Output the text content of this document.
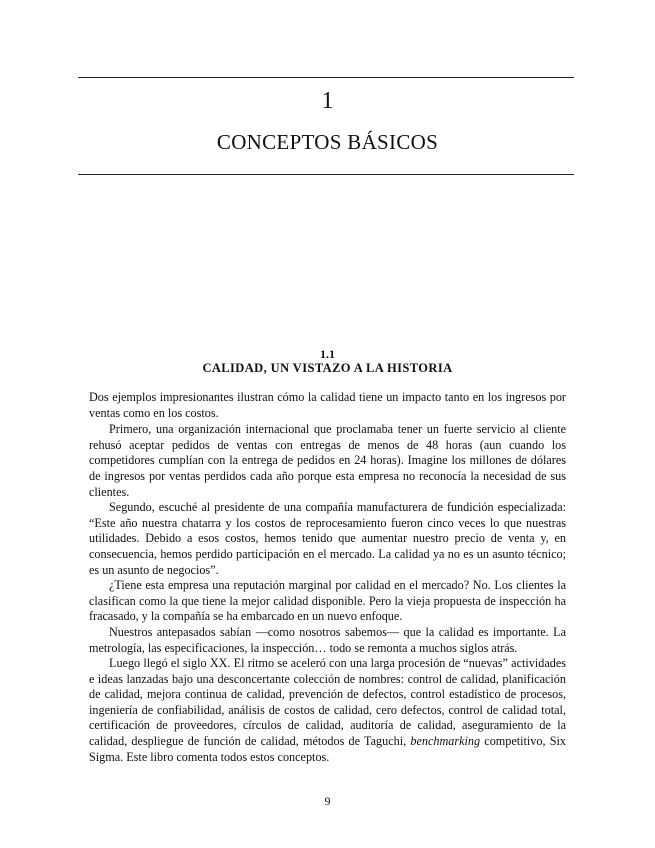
1
CONCEPTOS BÁSICOS
1.1
CALIDAD, UN VISTAZO A LA HISTORIA

Dos ejemplos impresionantes ilustran cómo la calidad tiene un impacto tanto en los ingresos por ventas como en los costos.

Primero, una organización internacional que proclamaba tener un fuerte servicio al cliente rehusó aceptar pedidos de ventas con entregas de menos de 48 horas (aun cuando los competidores cumplían con la entrega de pedidos en 24 horas). Imagine los millones de dólares de ingresos por ventas perdidos cada año porque esta empresa no reconocía la necesidad de sus clientes.

Segundo, escuché al presidente de una compañía manufacturera de fundición especializada: “Este año nuestra chatarra y los costos de reprocesamiento fueron cinco veces lo que nuestras utilidades. Debido a esos costos, hemos tenido que aumentar nuestro precio de venta y, en consecuencia, hemos perdido participación en el mercado. La calidad ya no es un asunto técnico; es un asunto de negocios”.

¿Tiene esta empresa una reputación marginal por calidad en el mercado? No. Los clientes la clasifican como la que tiene la mejor calidad disponible. Pero la vieja propuesta de inspección ha fracasado, y la compañía se ha embarcado en un nuevo enfoque.

Nuestros antepasados sabían —como nosotros sabemos— que la calidad es importante. La metrología, las especificaciones, la inspección… todo se remonta a muchos siglos atrás.

Luego llegó el siglo XX. El ritmo se aceleró con una larga procesión de “nuevas” actividades e ideas lanzadas bajo una desconcertante colección de nombres: control de calidad, planificación de calidad, mejora continua de calidad, prevención de defectos, control estadístico de procesos, ingeniería de confiabilidad, análisis de costos de calidad, cero defectos, control de calidad total, certificación de proveedores, círculos de calidad, auditoría de calidad, aseguramiento de la calidad, despliegue de función de calidad, métodos de Taguchi, benchmarking competitivo, Six Sigma. Este libro comenta todos estos conceptos.

9
